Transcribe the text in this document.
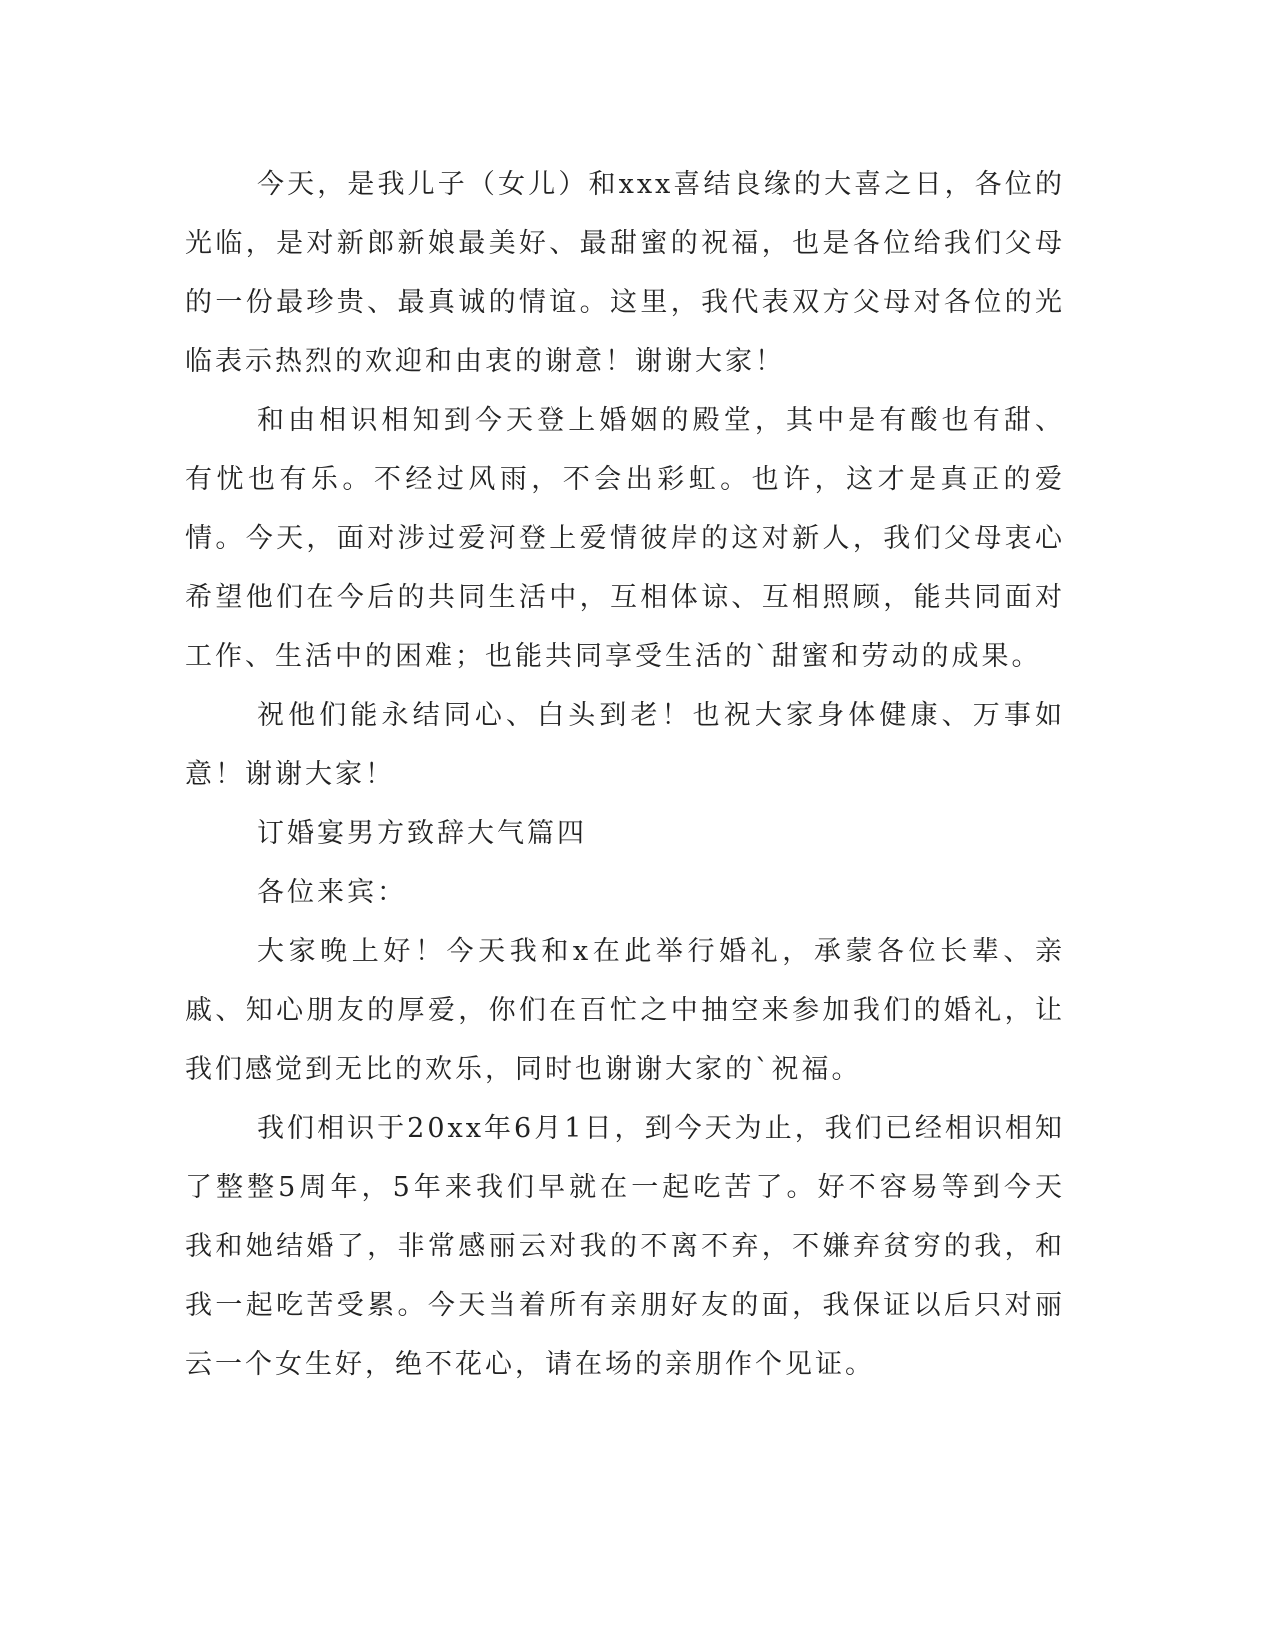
今天，是我儿子（女儿）和xxx喜结良缘的大喜之日，各位的光临，是对新郎新娘最美好、最甜蜜的祝福，也是各位给我们父母的一份最珍贵、最真诚的情谊。这里，我代表双方父母对各位的光临表示热烈的欢迎和由衷的谢意！谢谢大家！

和由相识相知到今天登上婚姻的殿堂，其中是有酸也有甜、有忧也有乐。不经过风雨，不会出彩虹。也许，这才是真正的爱情。今天，面对涉过爱河登上爱情彼岸的这对新人，我们父母衷心希望他们在今后的共同生活中，互相体谅、互相照顾，能共同面对工作、生活中的困难；也能共同享受生活的`甜蜜和劳动的成果。

祝他们能永结同心、白头到老！也祝大家身体健康、万事如意！谢谢大家！

订婚宴男方致辞大气篇四

各位来宾：

大家晚上好！今天我和x在此举行婚礼，承蒙各位长辈、亲戚、知心朋友的厚爱，你们在百忙之中抽空来参加我们的婚礼，让我们感觉到无比的欢乐，同时也谢谢大家的`祝福。

我们相识于20xx年6月1日，到今天为止，我们已经相识相知了整整5周年，5年来我们早就在一起吃苦了。好不容易等到今天我和她结婚了，非常感丽云对我的不离不弃，不嫌弃贫穷的我，和我一起吃苦受累。今天当着所有亲朋好友的面，我保证以后只对丽云一个女生好，绝不花心，请在场的亲朋作个见证。
